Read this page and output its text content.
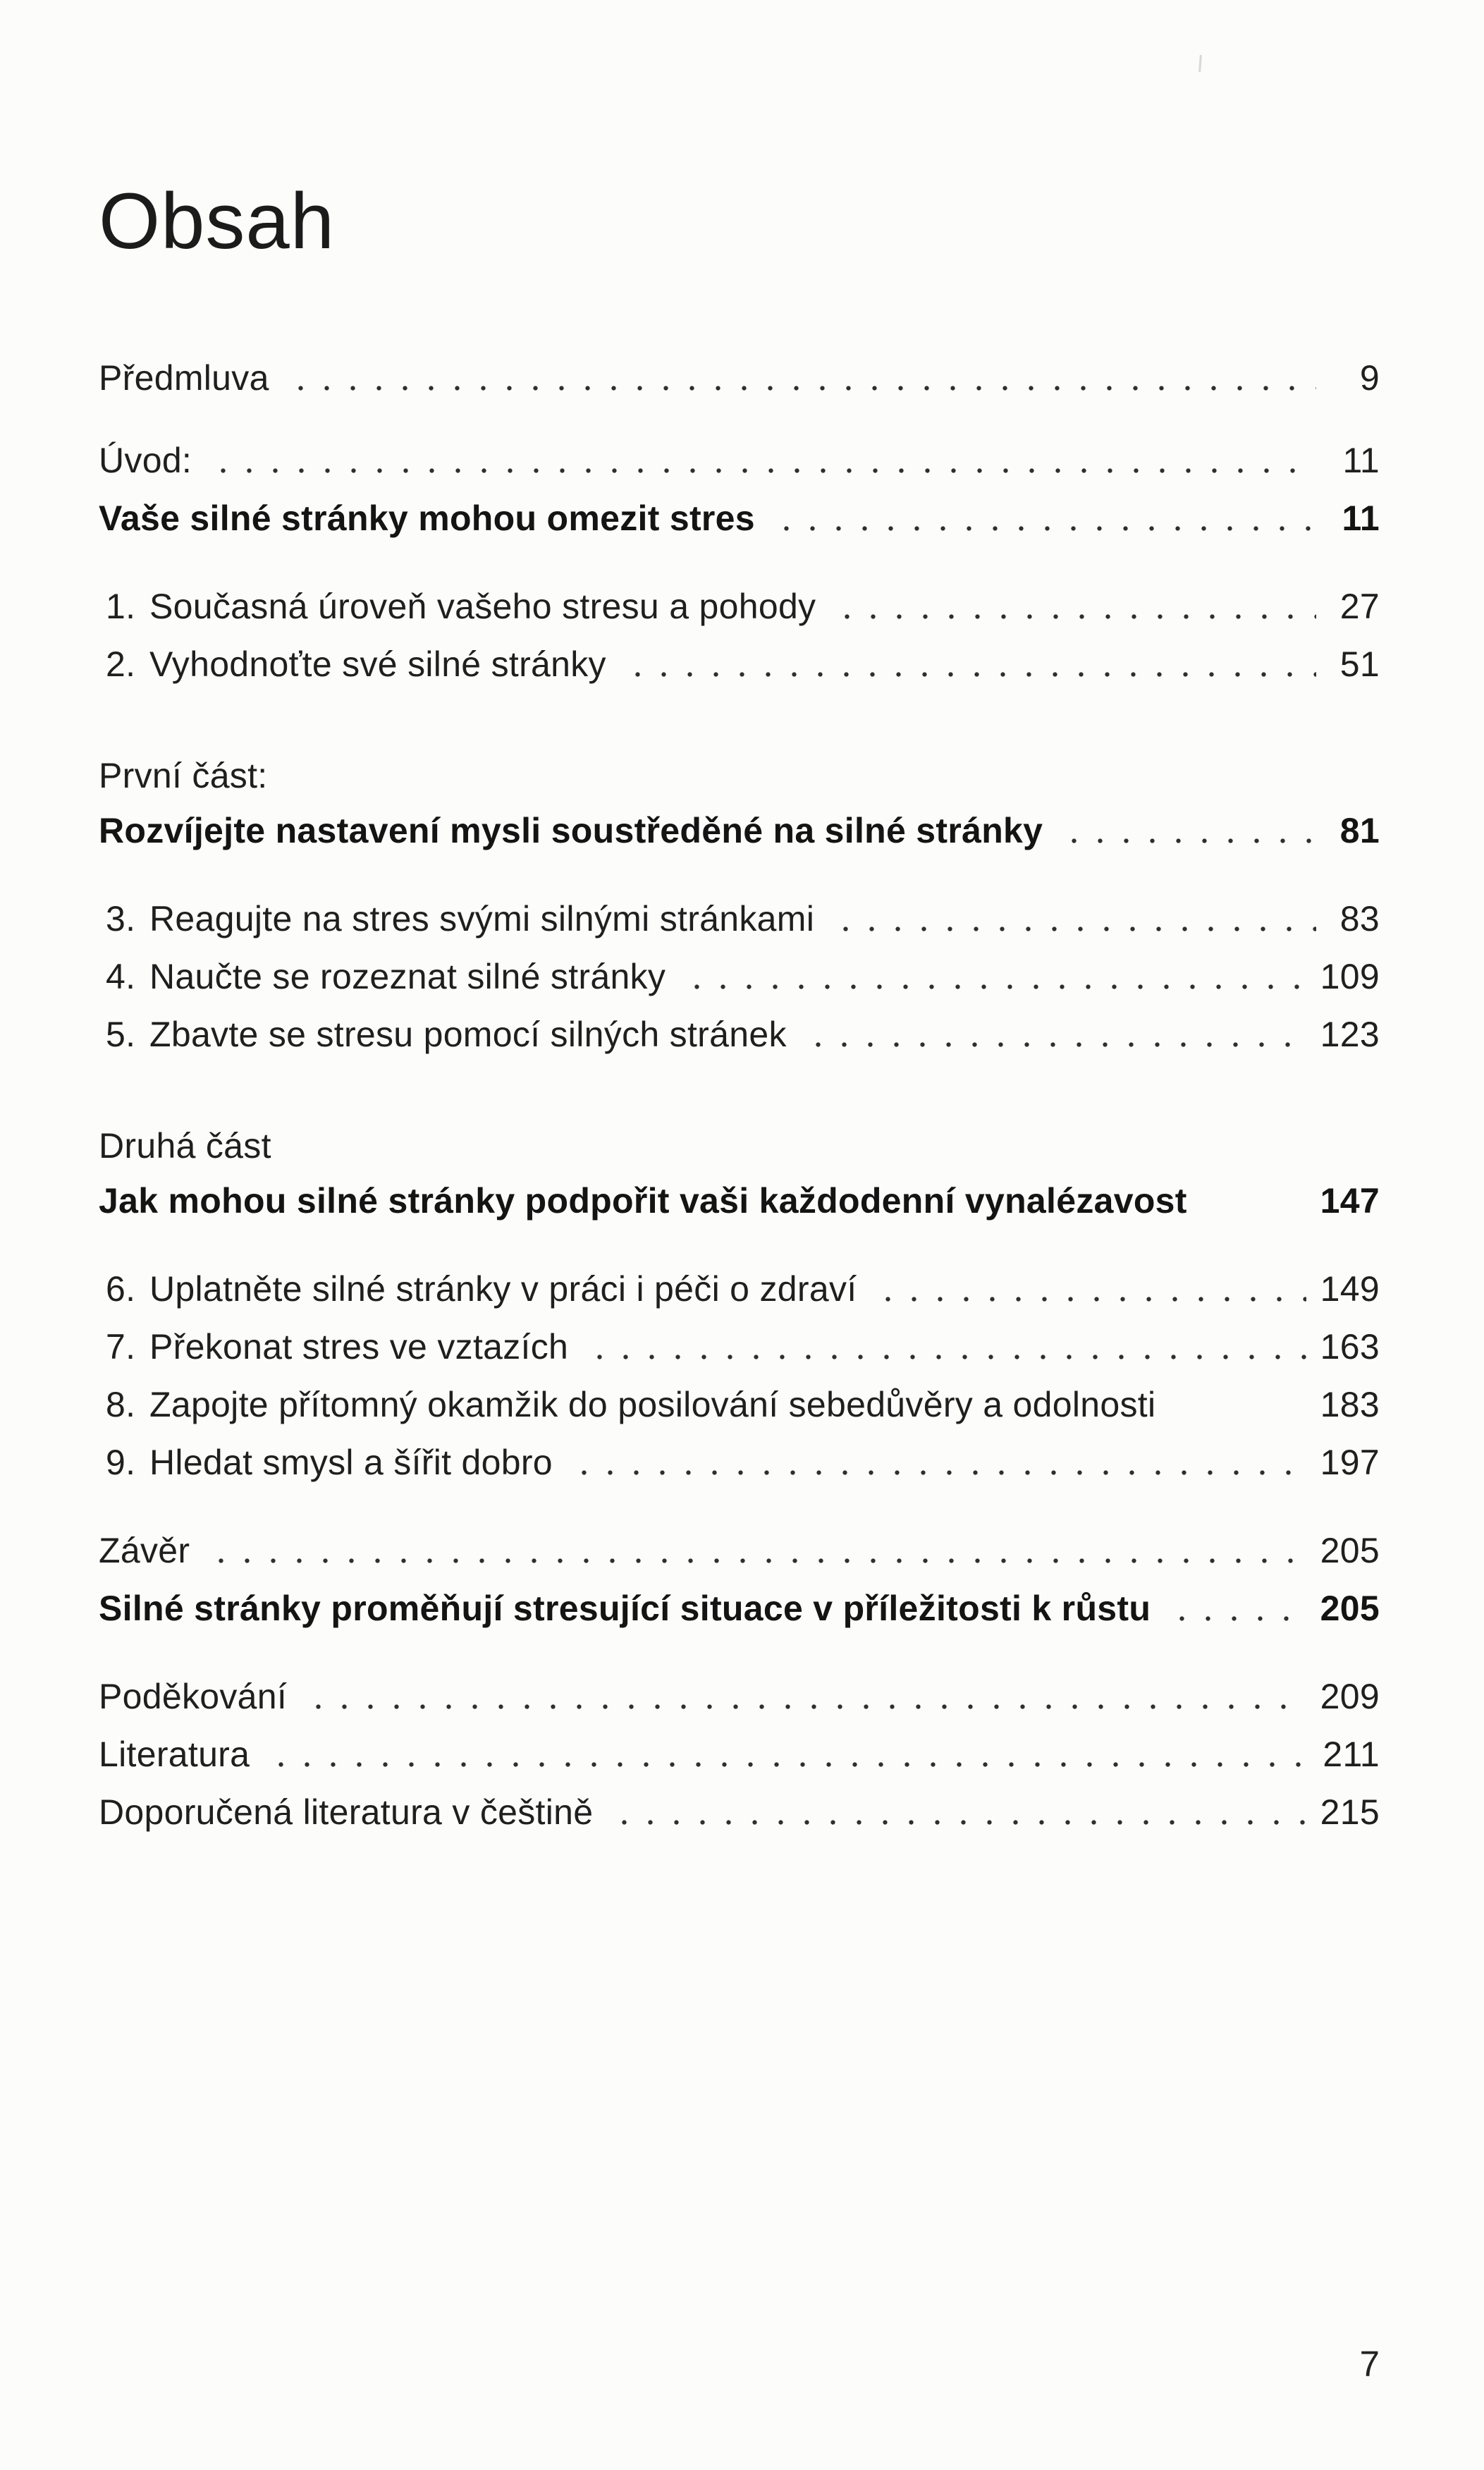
Obsah
Předmluva	9
Úvod:	11
Vaše silné stránky mohou omezit stres	11
1. Současná úroveň vašeho stresu a pohody	27
2. Vyhodnoťte své silné stránky	51
První část:
Rozvíjejte nastavení mysli soustředěné na silné stránky	81
3. Reagujte na stres svými silnými stránkami	83
4. Naučte se rozeznat silné stránky	109
5. Zbavte se stresu pomocí silných stránek	123
Druhá část
Jak mohou silné stránky podpořit vaši každodenní vynalézavost	147
6. Uplatněte silné stránky v práci i péči o zdraví	149
7. Překonat stres ve vztazích	163
8. Zapojte přítomný okamžik do posilování sebedůvěry a odolnosti	183
9. Hledat smysl a šířit dobro	197
Závěr	205
Silné stránky proměňují stresující situace v příležitosti k růstu	205
Poděkování	209
Literatura	211
Doporučená literatura v češtině	215
7
